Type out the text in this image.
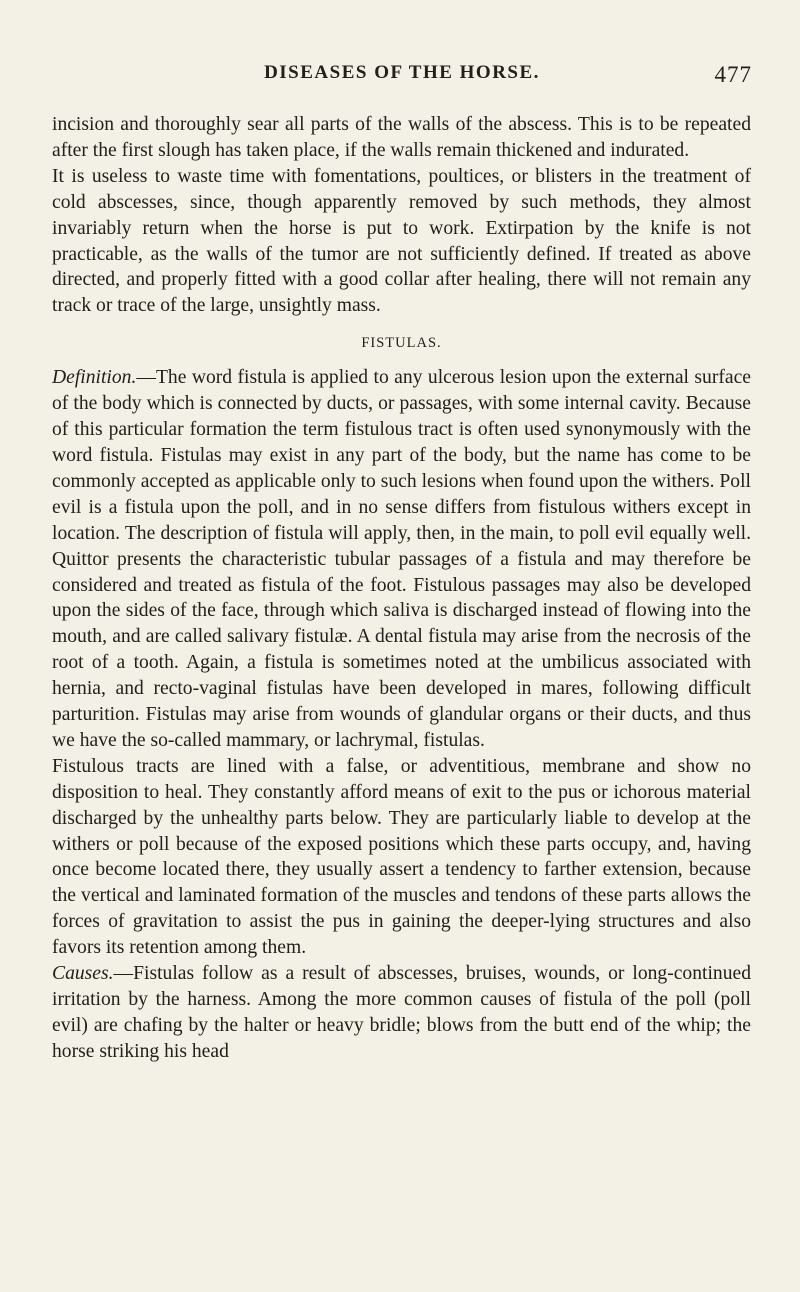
DISEASES OF THE HORSE.	477

incision and thoroughly sear all parts of the walls of the abscess. This is to be repeated after the first slough has taken place, if the walls remain thickened and indurated.

It is useless to waste time with fomentations, poultices, or blisters in the treatment of cold abscesses, since, though apparently removed by such methods, they almost invariably return when the horse is put to work. Extirpation by the knife is not practicable, as the walls of the tumor are not sufficiently defined. If treated as above directed, and properly fitted with a good collar after healing, there will not remain any track or trace of the large, unsightly mass.

FISTULAS.

Definition.—The word fistula is applied to any ulcerous lesion upon the external surface of the body which is connected by ducts, or passages, with some internal cavity. Because of this particular formation the term fistulous tract is often used synonymously with the word fistula. Fistulas may exist in any part of the body, but the name has come to be commonly accepted as applicable only to such lesions when found upon the withers. Poll evil is a fistula upon the poll, and in no sense differs from fistulous withers except in location. The description of fistula will apply, then, in the main, to poll evil equally well. Quittor presents the characteristic tubular passages of a fistula and may therefore be considered and treated as fistula of the foot. Fistulous passages may also be developed upon the sides of the face, through which saliva is discharged instead of flowing into the mouth, and are called salivary fistulæ. A dental fistula may arise from the necrosis of the root of a tooth. Again, a fistula is sometimes noted at the umbilicus associated with hernia, and recto-vaginal fistulas have been developed in mares, following difficult parturition. Fistulas may arise from wounds of glandular organs or their ducts, and thus we have the so-called mammary, or lachrymal, fistulas.

Fistulous tracts are lined with a false, or adventitious, membrane and show no disposition to heal. They constantly afford means of exit to the pus or ichorous material discharged by the unhealthy parts below. They are particularly liable to develop at the withers or poll because of the exposed positions which these parts occupy, and, having once become located there, they usually assert a tendency to farther extension, because the vertical and laminated formation of the muscles and tendons of these parts allows the forces of gravitation to assist the pus in gaining the deeper-lying structures and also favors its retention among them.

Causes.—Fistulas follow as a result of abscesses, bruises, wounds, or long-continued irritation by the harness. Among the more common causes of fistula of the poll (poll evil) are chafing by the halter or heavy bridle; blows from the butt end of the whip; the horse striking his head
